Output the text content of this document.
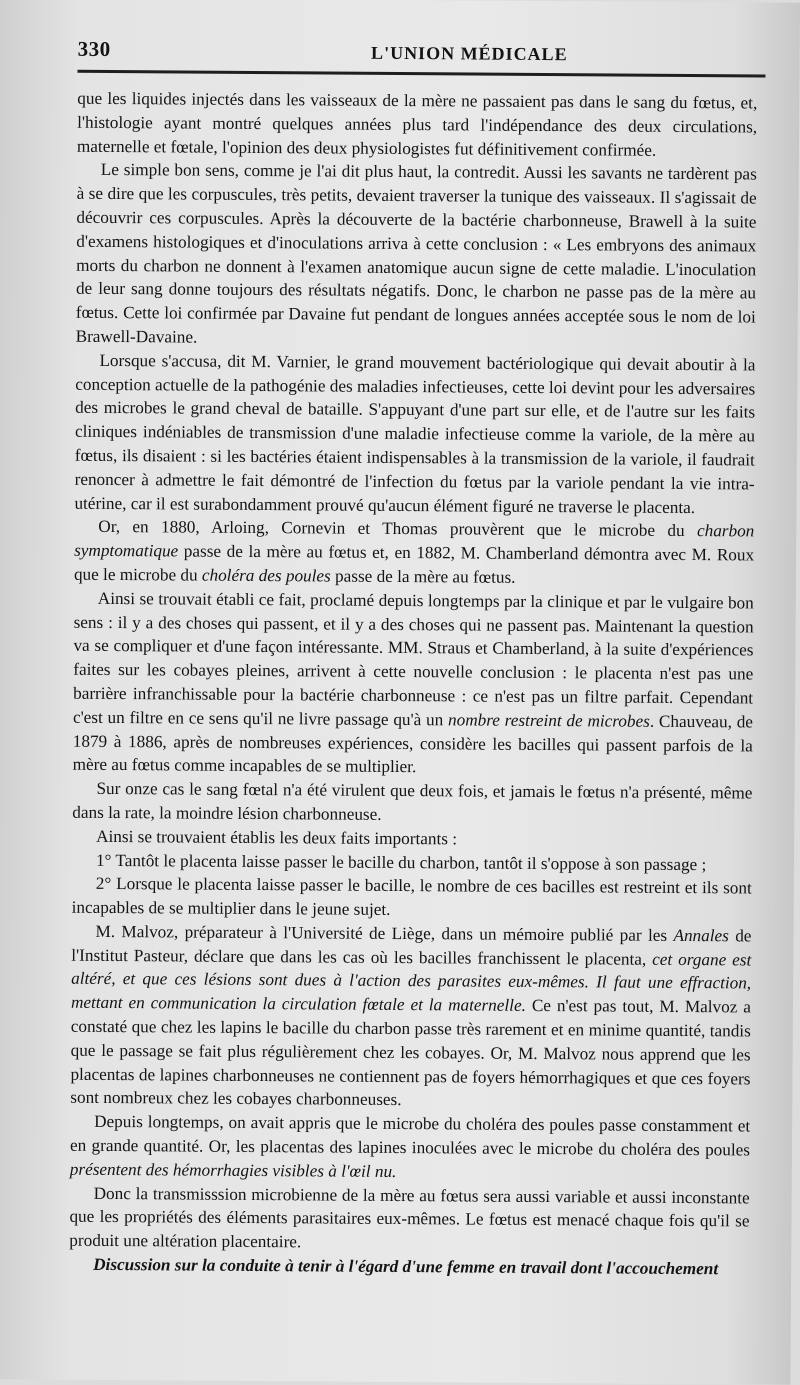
330	L'UNION MÉDICALE

que les liquides injectés dans les vaisseaux de la mère ne passaient pas dans le sang du fœtus, et, l'histologie ayant montré quelques années plus tard l'indépendance des deux circulations, maternelle et fœtale, l'opinion des deux physiologistes fut définitivement confirmée.

Le simple bon sens, comme je l'ai dit plus haut, la contredit. Aussi les savants ne tardèrent pas à se dire que les corpuscules, très petits, devaient traverser la tunique des vaisseaux. Il s'agissait de découvrir ces corpuscules. Après la découverte de la bactérie charbonneuse, Brawell à la suite d'examens histologiques et d'inoculations arriva à cette conclusion : « Les embryons des animaux morts du charbon ne donnent à l'examen anatomique aucun signe de cette maladie. L'inoculation de leur sang donne toujours des résultats négatifs. Donc, le charbon ne passe pas de la mère au fœtus. Cette loi confirmée par Davaine fut pendant de longues années acceptée sous le nom de loi Brawell-Davaine.

Lorsque s'accusa, dit M. Varnier, le grand mouvement bactériologique qui devait aboutir à la conception actuelle de la pathogénie des maladies infectieuses, cette loi devint pour les adversaires des microbes le grand cheval de bataille. S'appuyant d'une part sur elle, et de l'autre sur les faits cliniques indéniables de transmission d'une maladie infectieuse comme la variole, de la mère au fœtus, ils disaient : si les bactéries étaient indispensables à la transmission de la variole, il faudrait renoncer à admettre le fait démontré de l'infection du fœtus par la variole pendant la vie intra-utérine, car il est surabondamment prouvé qu'aucun élément figuré ne traverse le placenta.

Or, en 1880, Arloing, Cornevin et Thomas prouvèrent que le microbe du charbon symptomatique passe de la mère au fœtus et, en 1882, M. Chamberland démontra avec M. Roux que le microbe du choléra des poules passe de la mère au fœtus.

Ainsi se trouvait établi ce fait, proclamé depuis longtemps par la clinique et par le vulgaire bon sens : il y a des choses qui passent, et il y a des choses qui ne passent pas. Maintenant la question va se compliquer et d'une façon intéressante. MM. Straus et Chamberland, à la suite d'expériences faites sur les cobayes pleines, arrivent à cette nouvelle conclusion : le placenta n'est pas une barrière infranchissable pour la bactérie charbonneuse : ce n'est pas un filtre parfait. Cependant c'est un filtre en ce sens qu'il ne livre passage qu'à un nombre restreint de microbes. Chauveau, de 1879 à 1886, après de nombreuses expériences, considère les bacilles qui passent parfois de la mère au fœtus comme incapables de se multiplier.

Sur onze cas le sang fœtal n'a été virulent que deux fois, et jamais le fœtus n'a présenté, même dans la rate, la moindre lésion charbonneuse.

Ainsi se trouvaient établis les deux faits importants :

1° Tantôt le placenta laisse passer le bacille du charbon, tantôt il s'oppose à son passage ;

2° Lorsque le placenta laisse passer le bacille, le nombre de ces bacilles est restreint et ils sont incapables de se multiplier dans le jeune sujet.

M. Malvoz, préparateur à l'Université de Liège, dans un mémoire publié par les Annales de l'Institut Pasteur, déclare que dans les cas où les bacilles franchissent le placenta, cet organe est altéré, et que ces lésions sont dues à l'action des parasites eux-mêmes. Il faut une effraction, mettant en communication la circulation fœtale et la maternelle. Ce n'est pas tout, M. Malvoz a constaté que chez les lapins le bacille du charbon passe très rarement et en minime quantité, tandis que le passage se fait plus régulièrement chez les cobayes. Or, M. Malvoz nous apprend que les placentas de lapines charbonneuses ne contiennent pas de foyers hémorrhagiques et que ces foyers sont nombreux chez les cobayes charbonneuses.

Depuis longtemps, on avait appris que le microbe du choléra des poules passe constamment et en grande quantité. Or, les placentas des lapines inoculées avec le microbe du choléra des poules présentent des hémorrhagies visibles à l'œil nu.

Donc la transmisssion microbienne de la mère au fœtus sera aussi variable et aussi inconstante que les propriétés des éléments parasitaires eux-mêmes. Le fœtus est menacé chaque fois qu'il se produit une altération placentaire.

Discussion sur la conduite à tenir à l'égard d'une femme en travail dont l'accouchement
